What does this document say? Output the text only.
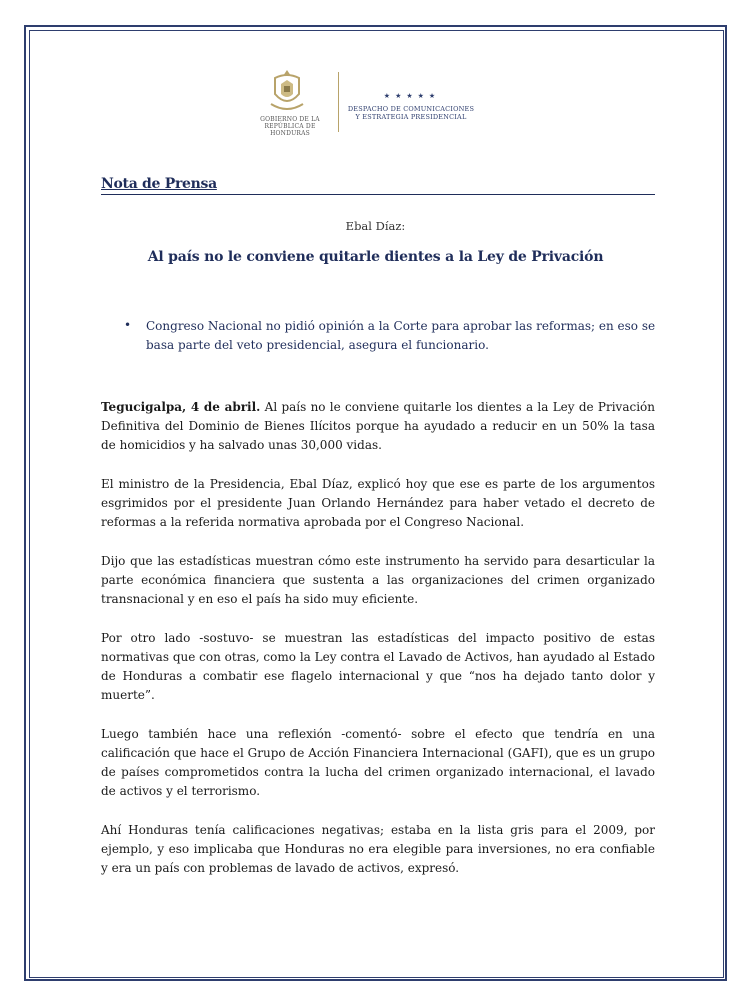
GOBIERNO DE LA
REPÚBLICA DE HONDURAS
★★★★★
DESPACHO DE COMUNICACIONES
Y ESTRATEGIA PRESIDENCIAL
Nota de Prensa
Ebal Díaz:
Al país no le conviene quitarle dientes a la Ley de Privación
• Congreso Nacional no pidió opinión a la Corte para aprobar las reformas; en eso se basa parte del veto presidencial, asegura el funcionario.

Tegucigalpa, 4 de abril. Al país no le conviene quitarle los dientes a la Ley de Privación Definitiva del Dominio de Bienes Ilícitos porque ha ayudado a reducir en un 50% la tasa de homicidios y ha salvado unas 30,000 vidas.

El ministro de la Presidencia, Ebal Díaz, explicó hoy que ese es parte de los argumentos esgrimidos por el presidente Juan Orlando Hernández para haber vetado el decreto de reformas a la referida normativa aprobada por el Congreso Nacional.

Dijo que las estadísticas muestran cómo este instrumento ha servido para desarticular la parte económica financiera que sustenta a las organizaciones del crimen organizado transnacional y en eso el país ha sido muy eficiente.

Por otro lado -sostuvo- se muestran las estadísticas del impacto positivo de estas normativas que con otras, como la Ley contra el Lavado de Activos, han ayudado al Estado de Honduras a combatir ese flagelo internacional y que “nos ha dejado tanto dolor y muerte”.

Luego también hace una reflexión -comentó- sobre el efecto que tendría en una calificación que hace el Grupo de Acción Financiera Internacional (GAFI), que es un grupo de países comprometidos contra la lucha del crimen organizado internacional, el lavado de activos y el terrorismo.

Ahí Honduras tenía calificaciones negativas; estaba en la lista gris para el 2009, por ejemplo, y eso implicaba que Honduras no era elegible para inversiones, no era confiable y era un país con problemas de lavado de activos, expresó.
